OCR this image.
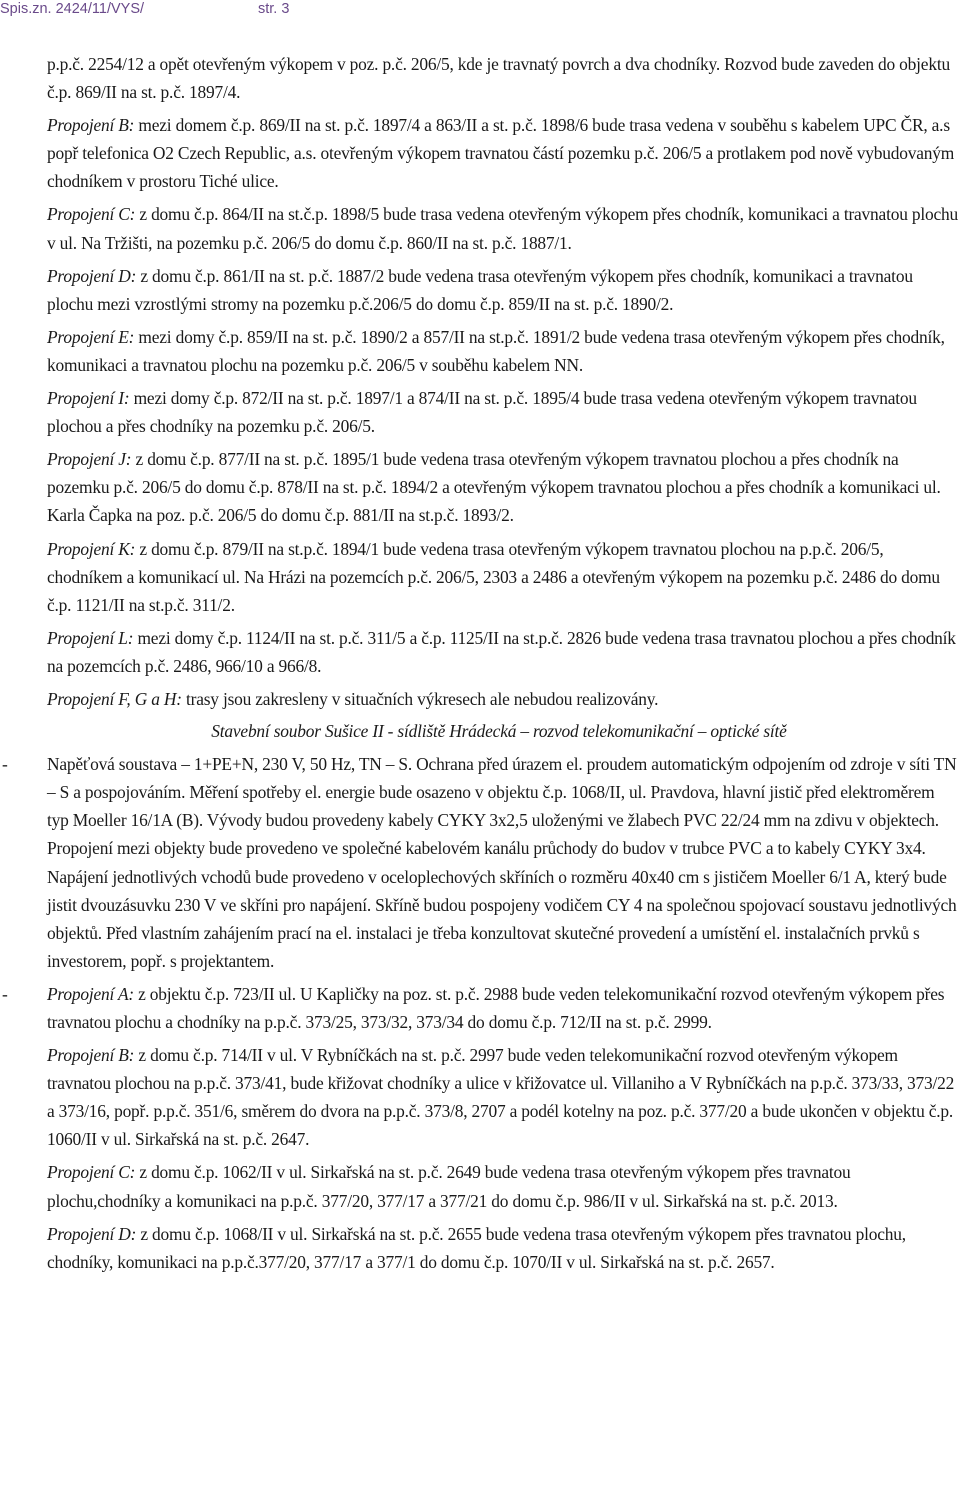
Spis.zn. 2424/11/VYS/	str. 3

p.p.č. 2254/12 a opět otevřeným výkopem v poz. p.č. 206/5, kde je travnatý povrch a dva chodníky. Rozvod bude zaveden do objektu č.p. 869/II na st. p.č. 1897/4.

Propojení B: mezi domem č.p. 869/II na st. p.č. 1897/4 a 863/II a st. p.č. 1898/6 bude trasa vedena v souběhu s kabelem UPC ČR, a.s popř telefonica O2 Czech Republic, a.s. otevřeným výkopem travnatou částí pozemku p.č. 206/5 a protlakem pod nově vybudovaným chodníkem v prostoru Tiché ulice.

Propojení C: z domu č.p. 864/II na st.č.p. 1898/5 bude trasa vedena otevřeným výkopem přes chodník, komunikaci a travnatou plochu v ul. Na Tržišti, na pozemku p.č. 206/5 do domu č.p. 860/II na st. p.č. 1887/1.

Propojení D: z domu č.p. 861/II na st. p.č. 1887/2 bude vedena trasa otevřeným výkopem přes chodník, komunikaci a travnatou plochu mezi vzrostlými stromy na pozemku p.č.206/5 do domu č.p. 859/II na st. p.č. 1890/2.

Propojení E: mezi domy č.p. 859/II na st. p.č. 1890/2 a 857/II na st.p.č. 1891/2 bude vedena trasa otevřeným výkopem přes chodník, komunikaci a travnatou plochu na pozemku p.č. 206/5 v souběhu kabelem NN.

Propojení I: mezi domy č.p. 872/II na st. p.č. 1897/1 a 874/II na st. p.č. 1895/4 bude trasa vedena otevřeným výkopem travnatou plochou a přes chodníky na pozemku p.č. 206/5.

Propojení J: z domu č.p. 877/II na st. p.č. 1895/1 bude vedena trasa otevřeným výkopem travnatou plochou a přes chodník na pozemku p.č. 206/5 do domu č.p. 878/II na st. p.č. 1894/2 a otevřeným výkopem travnatou plochou a přes chodník a komunikaci ul. Karla Čapka na poz. p.č. 206/5 do domu č.p. 881/II na st.p.č. 1893/2.

Propojení K: z domu č.p. 879/II na st.p.č. 1894/1 bude vedena trasa otevřeným výkopem travnatou plochou na p.p.č. 206/5, chodníkem a komunikací ul. Na Hrázi na pozemcích p.č. 206/5, 2303 a 2486 a otevřeným výkopem na pozemku p.č. 2486 do domu č.p. 1121/II na st.p.č. 311/2.

Propojení L: mezi domy č.p. 1124/II na st. p.č. 311/5 a č.p. 1125/II na st.p.č. 2826 bude vedena trasa travnatou plochou a přes chodník na pozemcích p.č. 2486, 966/10 a 966/8.

Propojení F, G a H: trasy jsou zakresleny v situačních výkresech ale nebudou realizovány.

Stavební soubor Sušice II - sídliště Hrádecká – rozvod telekomunikační – optické sítě

- Napěťová soustava – 1+PE+N, 230 V, 50 Hz, TN – S. Ochrana před úrazem el. proudem automatickým odpojením od zdroje v síti TN – S a pospojováním. Měření spotřeby el. energie bude osazeno v objektu č.p. 1068/II, ul. Pravdova, hlavní jistič před elektroměrem typ Moeller 16/1A (B). Vývody budou provedeny kabely CYKY 3x2,5 uloženými ve žlabech PVC 22/24 mm na zdivu v objektech. Propojení mezi objekty bude provedeno ve společné kabelovém kanálu průchody do budov v trubce PVC a to kabely CYKY 3x4. Napájení jednotlivých vchodů bude provedeno v oceloplechových skříních o rozměru 40x40 cm s jističem Moeller 6/1 A, který bude jistit dvouzásuvku 230 V ve skříni pro napájení. Skříně budou pospojeny vodičem CY 4 na společnou spojovací soustavu jednotlivých objektů. Před vlastním zahájením prací na el. instalaci je třeba konzultovat skutečné provedení a umístění el. instalačních prvků s investorem, popř. s projektantem.
- Propojení A: z objektu č.p. 723/II ul. U Kapličky na poz. st. p.č. 2988 bude veden telekomunikační rozvod otevřeným výkopem přes travnatou plochu a chodníky na p.p.č. 373/25, 373/32, 373/34 do domu č.p. 712/II na st. p.č. 2999.

Propojení B: z domu č.p. 714/II v ul. V Rybníčkách na st. p.č. 2997 bude veden telekomunikační rozvod otevřeným výkopem travnatou plochou na p.p.č. 373/41, bude křižovat chodníky a ulice v křižovatce ul. Villaniho a V Rybníčkách na p.p.č. 373/33, 373/22 a 373/16, popř. p.p.č. 351/6, směrem do dvora na p.p.č. 373/8, 2707 a podél kotelny na poz. p.č. 377/20 a bude ukončen v objektu č.p. 1060/II v ul. Sirkařská na st. p.č. 2647.

Propojení C: z domu č.p. 1062/II v ul. Sirkařská na st. p.č. 2649 bude vedena trasa otevřeným výkopem přes travnatou plochu,chodníky a komunikaci na p.p.č. 377/20, 377/17 a 377/21 do domu č.p. 986/II v ul. Sirkařská na st. p.č. 2013.

Propojení D: z domu č.p. 1068/II v ul. Sirkařská na st. p.č. 2655 bude vedena trasa otevřeným výkopem přes travnatou plochu, chodníky, komunikaci na p.p.č.377/20, 377/17 a 377/1 do domu č.p. 1070/II v ul. Sirkařská na st. p.č. 2657.
